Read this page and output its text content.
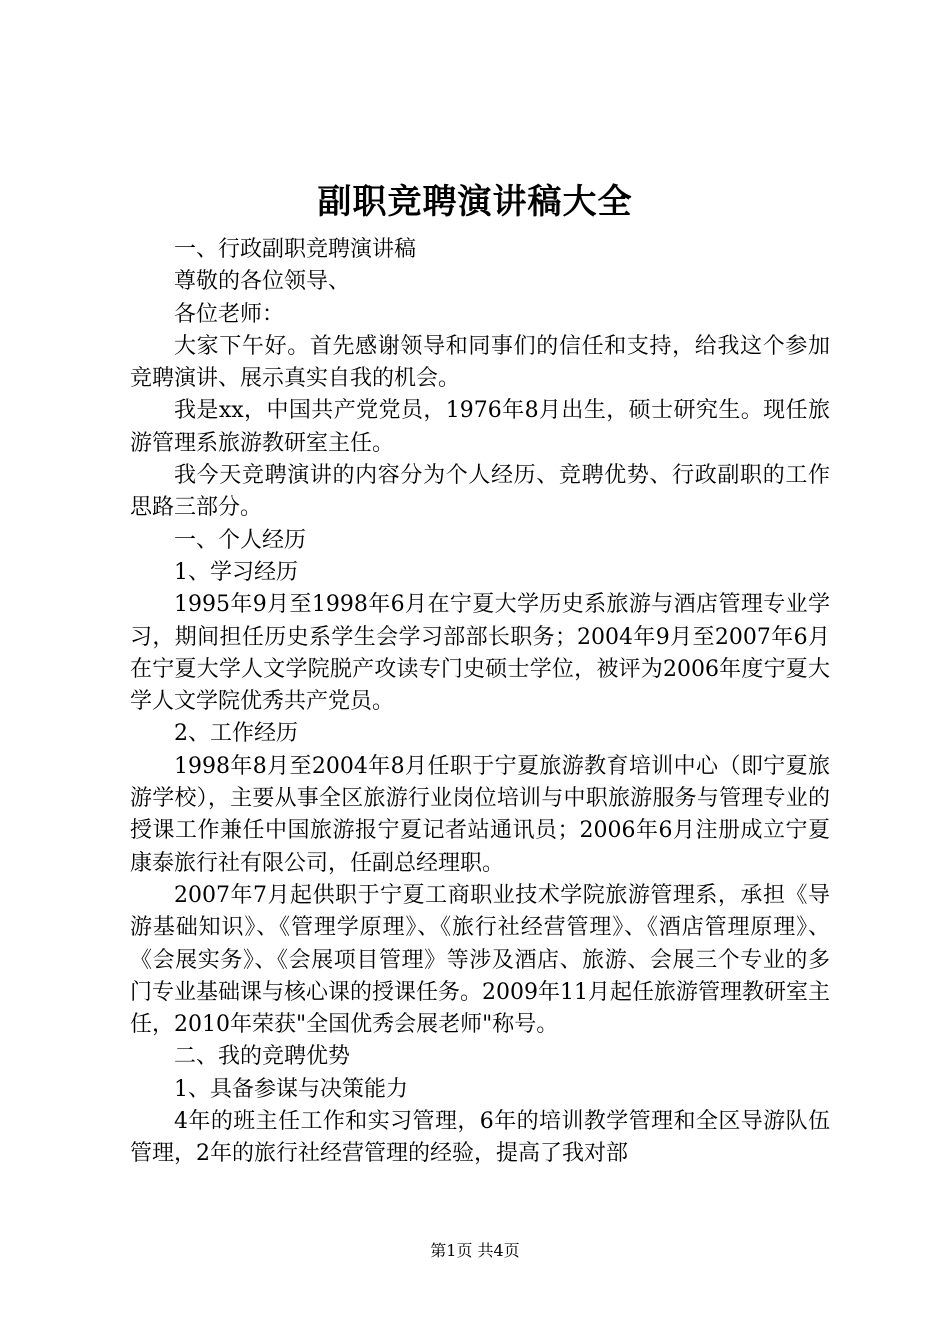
副职竞聘演讲稿大全

一、行政副职竞聘演讲稿

尊敬的各位领导、

各位老师：

大家下午好。首先感谢领导和同事们的信任和支持，给我这个参加竞聘演讲、展示真实自我的机会。

我是xx，中国共产党党员，1976年8月出生，硕士研究生。现任旅游管理系旅游教研室主任。

我今天竞聘演讲的内容分为个人经历、竞聘优势、行政副职的工作思路三部分。

一、个人经历

1、学习经历

1995年9月至1998年6月在宁夏大学历史系旅游与酒店管理专业学习，期间担任历史系学生会学习部部长职务；2004年9月至2007年6月在宁夏大学人文学院脱产攻读专门史硕士学位，被评为2006年度宁夏大学人文学院优秀共产党员。

2、工作经历

1998年8月至2004年8月任职于宁夏旅游教育培训中心（即宁夏旅游学校），主要从事全区旅游行业岗位培训与中职旅游服务与管理专业的授课工作兼任中国旅游报宁夏记者站通讯员；2006年6月注册成立宁夏康泰旅行社有限公司，任副总经理职。

2007年7月起供职于宁夏工商职业技术学院旅游管理系，承担《导游基础知识》、《管理学原理》、《旅行社经营管理》、《酒店管理原理》、《会展实务》、《会展项目管理》等涉及酒店、旅游、会展三个专业的多门专业基础课与核心课的授课任务。2009年11月起任旅游管理教研室主任，2010年荣获"全国优秀会展老师"称号。

二、我的竞聘优势

1、具备参谋与决策能力

4年的班主任工作和实习管理，6年的培训教学管理和全区导游队伍管理，2年的旅行社经营管理的经验，提高了我对部

第1页 共4页
